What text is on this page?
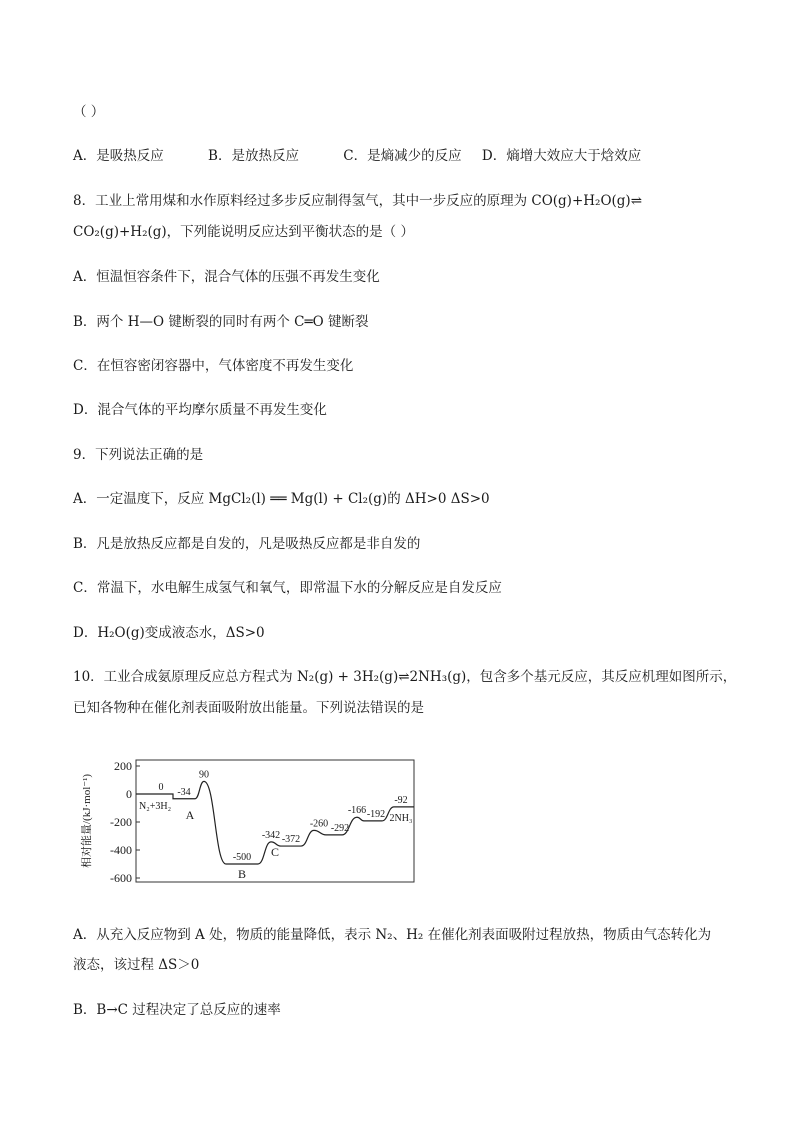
（ ）
A．是吸热反应	B．是放热反应	C．是熵减少的反应 D．熵增大效应大于焓效应
8．工业上常用煤和水作原料经过多步反应制得氢气，其中一步反应的原理为 CO(g)+H₂O(g)⇌
CO₂(g)+H₂(g)，下列能说明反应达到平衡状态的是（ ）
A．恒温恒容条件下，混合气体的压强不再发生变化
B．两个 H—O 键断裂的同时有两个 C═O 键断裂
C．在恒容密闭容器中，气体密度不再发生变化
D．混合气体的平均摩尔质量不再发生变化
9．下列说法正确的是
A．一定温度下，反应 MgCl₂(l) ══ Mg(l) + Cl₂(g)的 ΔH>0 ΔS>0
B．凡是放热反应都是自发的，凡是吸热反应都是非自发的
C．常温下，水电解生成氢气和氧气，即常温下水的分解反应是自发反应
D．H₂O(g)变成液态水，ΔS>0
10．工业合成氨原理反应总方程式为 N₂(g) + 3H₂(g)⇌2NH₃(g)，包含多个基元反应，其反应机理如图所示，
已知各物种在催化剂表面吸附放出能量。下列说法错误的是
200
0
-200
-400
-600
相对能量/(kJ·mol⁻¹)	0 -34
90
-500
-342 -372
-260 -292
-166 -192
-92
N₂+3H₂
A
B
C
2NH₃
A．从充入反应物到 A 处，物质的能量降低，表示 N₂、H₂ 在催化剂表面吸附过程放热，物质由气态转化为
液态，该过程 ΔS＞0
B．B→C 过程决定了总反应的速率
